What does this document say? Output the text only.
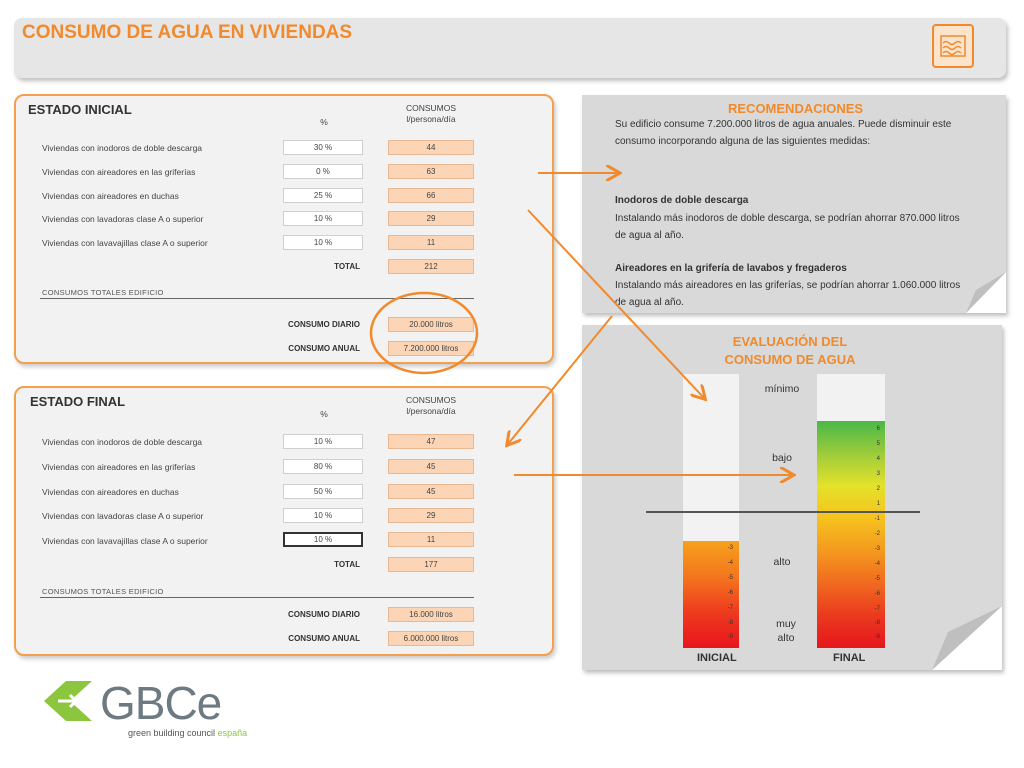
CONSUMO DE AGUA EN VIVIENDAS
ESTADO INICIAL
%
CONSUMOS
l/persona/día
Viviendas con inodoros de doble descarga	30 %	44
Viviendas con aireadores en las griferías	0 %	63
Viviendas con aireadores en duchas	25 %	66
Viviendas con lavadoras clase A o superior	10 %	29
Viviendas con lavavajillas clase A o superior	10 %	11
TOTAL	212
CONSUMOS TOTALES EDIFICIO
CONSUMO DIARIO	20.000 litros
CONSUMO ANUAL	7.200.000 litros
ESTADO FINAL
%
CONSUMOS
l/persona/día
Viviendas con inodoros de doble descarga	10 %	47
Viviendas con aireadores en las griferías	80 %	45
Viviendas con aireadores en duchas	50 %	45
Viviendas con lavadoras clase A o superior	10 %	29
Viviendas con lavavajillas clase A o superior	10 %	11
TOTAL	177
CONSUMOS TOTALES EDIFICIO
CONSUMO DIARIO	16.000 litros
CONSUMO ANUAL	6.000.000 litros
RECOMENDACIONES
Su edificio consume 7.200.000 litros de agua anuales. Puede disminuir este consumo incorporando alguna de las siguientes medidas:
Inodoros de doble descarga
Instalando más inodoros de doble descarga, se podrían ahorrar 870.000 litros de agua al año.
Aireadores en la grifería de lavabos y fregaderos
Instalando más aireadores en las griferías, se podrían ahorrar 1.060.000 litros de agua al año.
EVALUACIÓN DEL
CONSUMO DE AGUA
-3
-4
-5
-6
-7
-8
-9
6
5
4
3
2
1
-1
-2
-3
-4
-5
-6
-7
-8
-9
mínimo
bajo
alto
muy
alto
INICIAL	FINAL
GBCe
green building council españa
